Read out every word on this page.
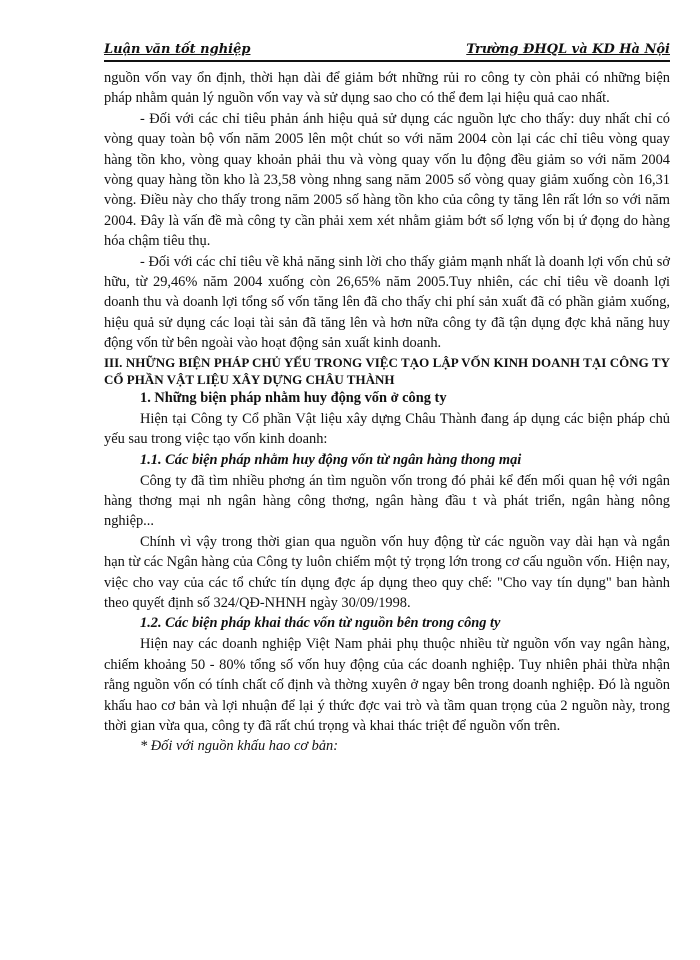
Luận văn tốt nghiệp	Trường ĐHQL và KD Hà Nội

nguồn vốn vay ổn định, thời hạn dài để giảm bớt những rủi ro công ty còn phải có những biện pháp nhằm quản lý nguồn vốn vay và sử dụng sao cho có thể đem lại hiệu quả cao nhất.

- Đối với các chỉ tiêu phản ánh hiệu quả sử dụng các nguồn lực cho thấy: duy nhất chỉ có vòng quay toàn bộ vốn năm 2005 lên một chút so với năm 2004 còn lại các chỉ tiêu vòng quay hàng tồn kho, vòng quay khoản phải thu và vòng quay vốn lu động đều giảm so với năm 2004 vòng quay hàng tồn kho là 23,58 vòng nhng sang năm 2005 số vòng quay giảm xuống còn 16,31 vòng. Điều này cho thấy trong năm 2005 số hàng tồn kho của công ty tăng lên rất lớn so với năm 2004. Đây là vấn đề mà công ty cần phải xem xét nhằm giảm bớt số lợng vốn bị ứ đọng do hàng hóa chậm tiêu thụ.

- Đối với các chỉ tiêu về khả năng sinh lời cho thấy giảm mạnh nhất là doanh lợi vốn chủ sở hữu, từ 29,46% năm 2004 xuống còn 26,65% năm 2005.Tuy nhiên, các chỉ tiêu về doanh lợi doanh thu và doanh lợi tổng số vốn tăng lên đã cho thấy chi phí sản xuất đã có phần giảm xuống, hiệu quả sử dụng các loại tài sản đã tăng lên và hơn nữa công ty đã tận dụng đợc khả năng huy động vốn từ bên ngoài vào hoạt động sản xuất kinh doanh.

III. NHỮNG BIỆN PHÁP CHỦ YẾU TRONG VIỆC TẠO LẬP VỐN KINH DOANH TẠI CÔNG TY CỔ PHẦN VẬT LIỆU XÂY DỰNG CHÂU THÀNH

1. Những biện pháp nhằm huy động vốn ở công ty

Hiện tại Công ty Cổ phần Vật liệu xây dựng Châu Thành đang áp dụng các biện pháp chủ yếu sau trong việc tạo vốn kinh doanh:

1.1. Các biện pháp nhằm huy động vốn từ ngân hàng thong mại

Công ty đã tìm nhiều phơng án tìm nguồn vốn trong đó phải kể đến mối quan hệ với ngân hàng thơng mại nh ngân hàng công thơng, ngân hàng đầu t và phát triển, ngân hàng nông nghiệp...

Chính vì vậy trong thời gian qua nguồn vốn huy động từ các nguồn vay dài hạn và ngắn hạn từ các Ngân hàng của Công ty luôn chiếm một tỷ trọng lớn trong cơ cấu nguồn vốn. Hiện nay, việc cho vay của các tổ chức tín dụng đợc áp dụng theo quy chế: "Cho vay tín dụng" ban hành theo quyết định số 324/QĐ-NHNH ngày 30/09/1998.

1.2. Các biện pháp khai thác vốn từ nguồn bên trong công ty

Hiện nay các doanh nghiệp Việt Nam phải phụ thuộc nhiều từ nguồn vốn vay ngân hàng, chiếm khoảng 50 - 80% tổng số vốn huy động của các doanh nghiệp. Tuy nhiên phải thừa nhận rằng nguồn vốn có tính chất cố định và thờng xuyên ở ngay bên trong doanh nghiệp. Đó là nguồn khấu hao cơ bản và lợi nhuận để lại ý thức đợc vai trò và tầm quan trọng của 2 nguồn này, trong thời gian vừa qua, công ty đã rất chú trọng và khai thác triệt để nguồn vốn trên.

* Đối với nguồn khấu hao cơ bản:
